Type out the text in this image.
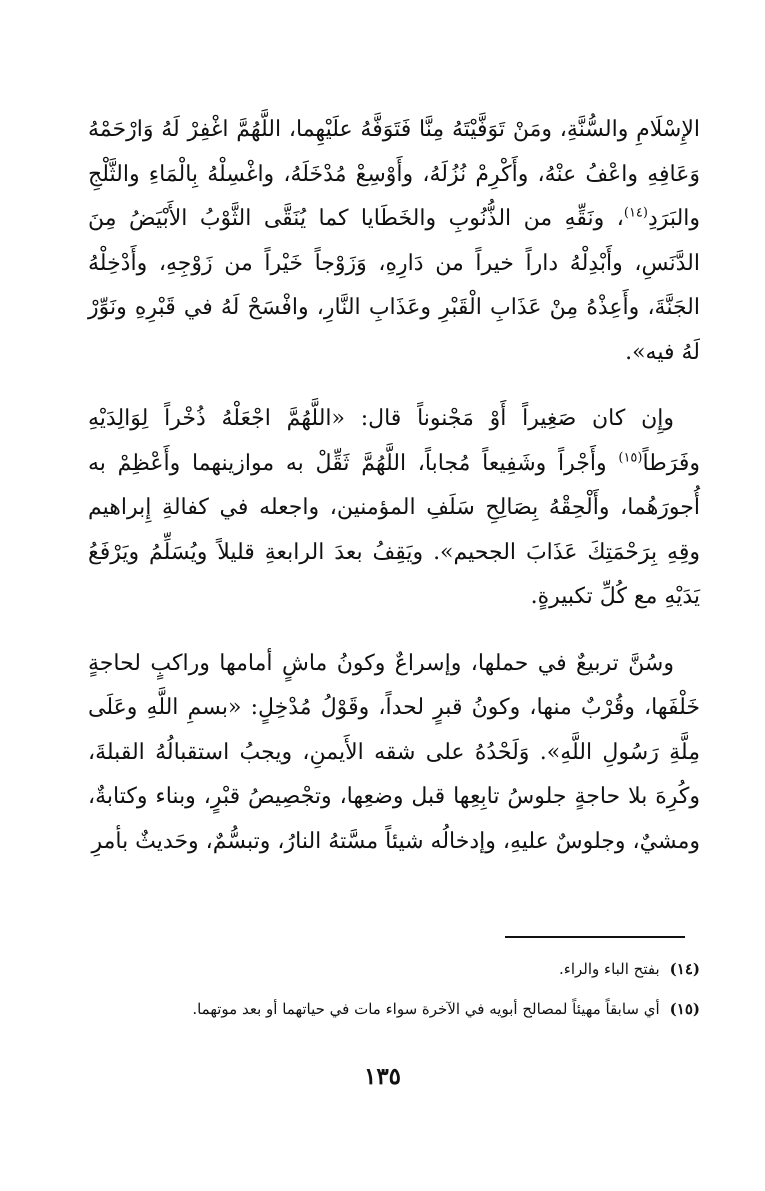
الإِسْلَامِ والسُّنَّةِ، ومَنْ تَوَفَّيْتَهُ مِنَّا فَتَوَفَّهُ علَيْهِما، اللَّهُمَّ اغْفِرْ لَهُ وَارْحَمْهُ وَعَافِهِ واعْفُ عنْهُ، وأَكْرِمْ نُزُلَهُ، وأَوْسِعْ مُدْخَلَهُ، واغْسِلْهُ بِالْمَاءِ والثَّلْجِ والبَرَدِ$^{(١٤)}$، ونَقِّهِ من الذُّنُوبِ والخَطَايا كما يُنَقَّى الثَّوْبُ الأَبْيَضُ مِنَ الدَّنَسِ، وأَبْدِلْهُ داراً خيراً من دَارِهِ، وَزَوْجاً خَيْراً من زَوْجِهِ، وأَدْخِلْهُ الجَنَّةَ، وأَعِذْهُ مِنْ عَذَابِ الْقَبْرِ وعَذَابِ النَّارِ، وافْسَحْ لَهُ في قَبْرِهِ ونَوِّرْ لَهُ فيه».

وإِن كان صَغِيراً أَوْ مَجْنوناً قال: «اللَّهُمَّ اجْعَلْهُ ذُخْراً لِوَالِدَيْهِ وفَرَطاً$^{(١٥)}$ وأَجْراً وشَفِيعاً مُجاباً، اللَّهُمَّ ثَقِّلْ به موازينهما وأَعْظِمْ به أُجورَهُما، وأَلْحِقْهُ بِصَالِحِ سَلَفِ المؤمنين، واجعله في كفالةِ إِبراهيم وقِهِ بِرَحْمَتِكَ عَذَابَ الجحيم». ويَقِفُ بعدَ الرابعةِ قليلاً ويُسَلِّمُ ويَرْفَعُ يَدَيْهِ مع كُلِّ تكبيرةٍ.

وسُنَّ تربيعٌ في حملها، وإسراعٌ وكونُ ماشٍ أمامها وراكبٍ لحاجةٍ خَلْفَها، وقُرْبٌ منها، وكونُ قبرٍ لحداً، وقَوْلُ مُدْخِلٍ: «بسمِ اللَّهِ وعَلَى مِلَّةِ رَسُولِ اللَّهِ». وَلَحْدُهُ على شقه الأَيمنِ، ويجبُ استقبالُهُ القبلةَ، وكُرِهَ بلا حاجةٍ جلوسُ تابِعِها قبل وضعِها، وتجْصِيصُ قبْرٍ، وبناء وكتابةٌ، ومشيٌ، وجلوسٌ عليهِ، وإدخالُه شيئاً مسَّتهُ النارُ، وتبسُّمٌ، وحَديثٌ بأمرِ

(١٤)بفتح الباء والراء.

(١٥)أي سابقاً مهيئاً لمصالح أبويه في الآخرة سواء مات في حياتهما أو بعد موتهما.

١٣٥
